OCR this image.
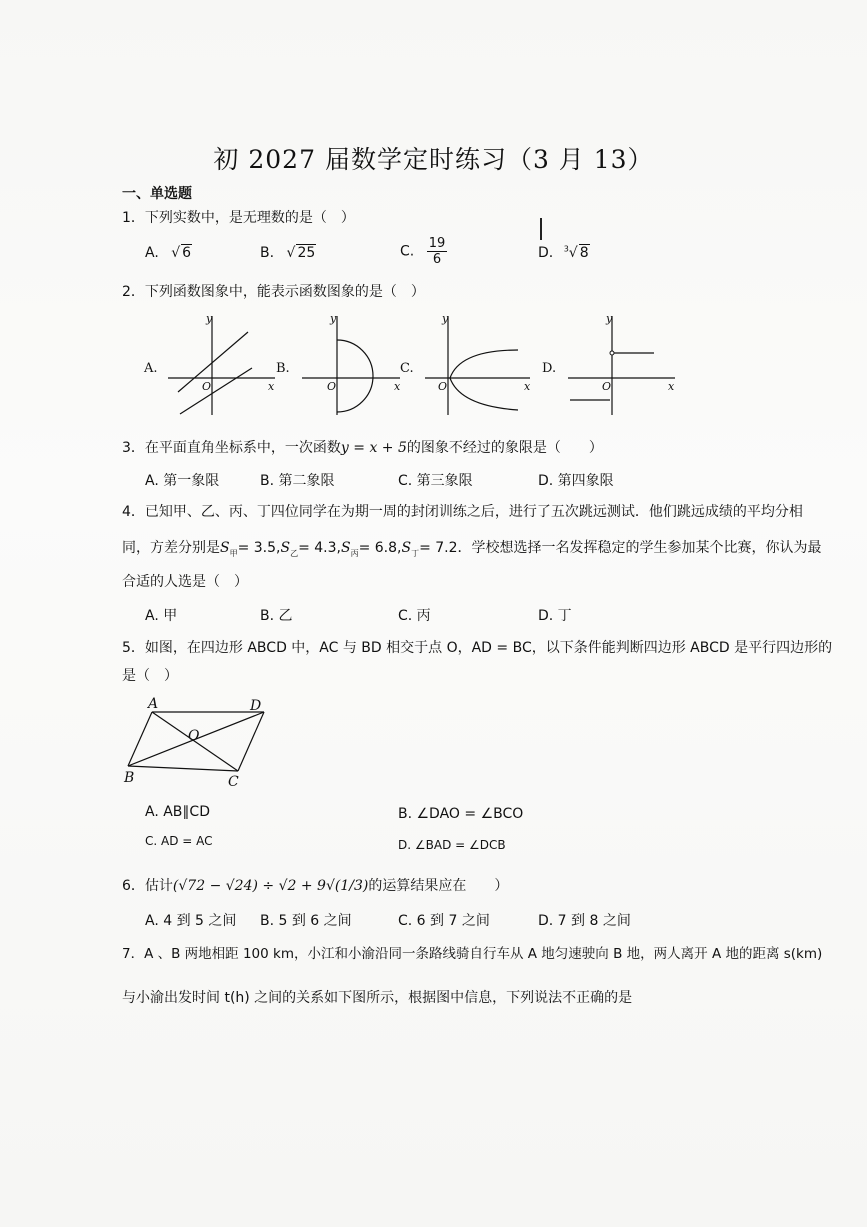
初 2027 届数学定时练习（3 月 13）
一、单选题
1．下列实数中，是无理数的是（　）
A. √ 6	B. √ 25	C. $\frac{19}{6}$	D. $^3$√ 8
2．下列函数图象中，能表示函数图象的是（　）
y
x
O
y
x
O
y
x
O
y
x
O
A.	B.	C.	D.
3．在平面直角坐标系中，一次函数y = x + 5的图象不经过的象限是（　　）
A. 第一象限	B. 第二象限	C. 第三象限	D. 第四象限
4．已知甲、乙、丙、丁四位同学在为期一周的封闭训练之后，进行了五次跳远测试．他们跳远成绩的平均分相
同，方差分别是$S_甲= 3.5,S_乙= 4.3,S_丙= 6.8,S_丁= 7.2$．学校想选择一名发挥稳定的学生参加某个比赛，你认为最
合适的人选是（　）
A. 甲	B. 乙	C. 丙	D. 丁
5．如图，在四边形 ABCD 中，AC 与 BD 相交于点 O，AD = BC，以下条件能判断四边形 ABCD 是平行四边形的
是（　）
A	D
B	C
O
A. AB∥CD	B. ∠DAO = ∠BCO
C. AD = AC	D. ∠BAD = ∠DCB
6．估计(√72 − √24) ÷ √2 + 9√(1/3)的运算结果应在　　）
A. 4 到 5 之间 B. 5 到 6 之间	C. 6 到 7 之间	D. 7 到 8 之间
7．A 、B 两地相距 100 km，小江和小渝沿同一条路线骑自行车从 A 地匀速驶向 B 地，两人离开 A 地的距离 s(km)
与小渝出发时间 t(h) 之间的关系如下图所示，根据图中信息，下列说法不正确的是
